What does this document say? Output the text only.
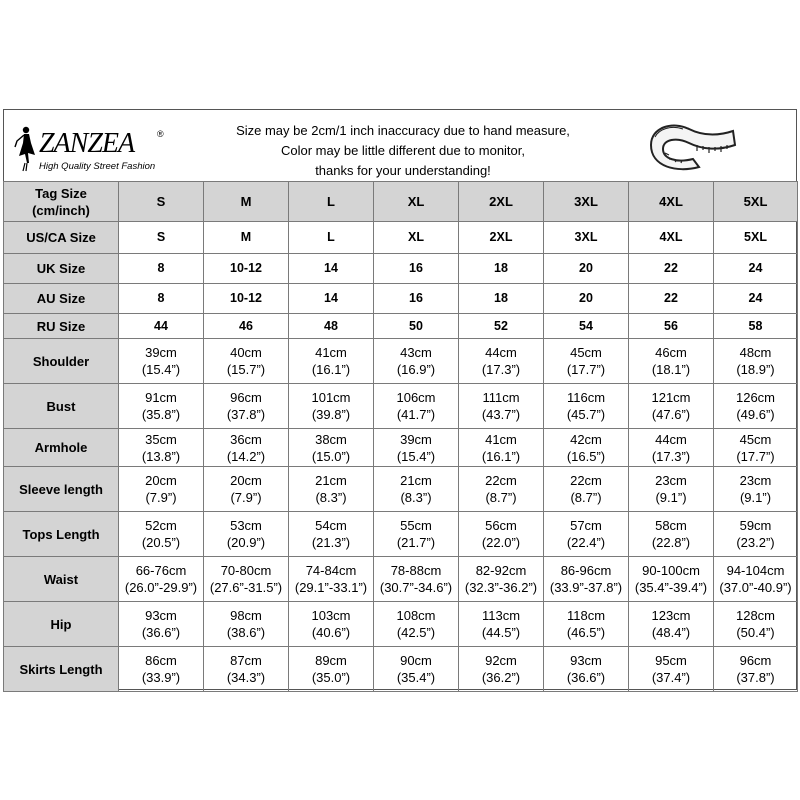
ZANZEA	®
High Quality Street Fashion
Size may be 2cm/1 inch inaccuracy due to hand measure,
Color may be little different due to monitor,
thanks for your understanding!
Tag Size
(cm/inch)	S	M	L	XL	2XL	3XL	4XL	5XL
US/CA Size	S	M	L	XL	2XL	3XL	4XL	5XL
UK Size	8	10-12	14	16	18	20	22	24
AU Size	8	10-12	14	16	18	20	22	24
RU Size	44	46	48	50	52	54	56	58
Shoulder	39cm
(15.4”)	40cm
(15.7”)	41cm
(16.1”)	43cm
(16.9”)	44cm
(17.3”)	45cm
(17.7”)	46cm
(18.1”)	48cm
(18.9”)

Bust	91cm
(35.8”)	96cm
(37.8”)	101cm
(39.8”)	106cm
(41.7”)	111cm
(43.7”)	116cm
(45.7”)	121cm
(47.6”)	126cm
(49.6”)

Armhole	35cm
(13.8”)	36cm
(14.2”)	38cm
(15.0”)	39cm
(15.4”)	41cm
(16.1”)	42cm
(16.5”)	44cm
(17.3”)	45cm
(17.7”)

Sleeve length	20cm
(7.9”)	20cm
(7.9”)	21cm
(8.3”)	21cm
(8.3”)	22cm
(8.7”)	22cm
(8.7”)	23cm
(9.1”)	23cm
(9.1”)

Tops Length	52cm
(20.5”)	53cm
(20.9”)	54cm
(21.3”)	55cm
(21.7”)	56cm
(22.0”)	57cm
(22.4”)	58cm
(22.8”)	59cm
(23.2”)

Waist	66-76cm
(26.0”-29.9”)	70-80cm
(27.6”-31.5”)	74-84cm
(29.1”-33.1”)	78-88cm
(30.7”-34.6”)	82-92cm
(32.3”-36.2”)	86-96cm
(33.9”-37.8”)	90-100cm
(35.4”-39.4”)	94-104cm
(37.0”-40.9”)

Hip	93cm
(36.6”)	98cm
(38.6”)	103cm
(40.6”)	108cm
(42.5”)	113cm
(44.5”)	118cm
(46.5”)	123cm
(48.4”)	128cm
(50.4”)

Skirts Length	86cm
(33.9”)	87cm
(34.3”)	89cm
(35.0”)	90cm
(35.4”)	92cm
(36.2”)	93cm
(36.6”)	95cm
(37.4”)	96cm
(37.8”)
